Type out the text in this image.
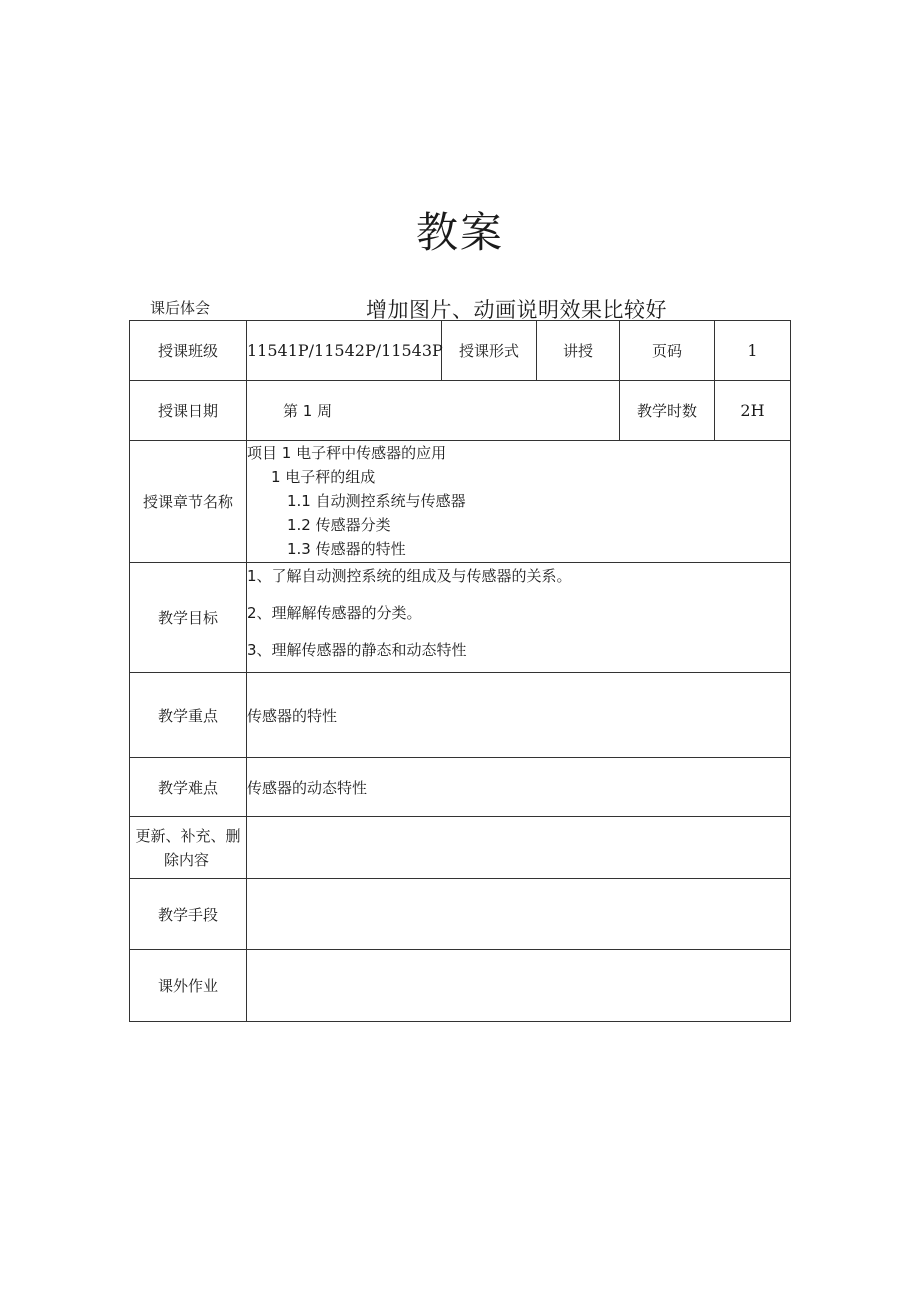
教案
课后体会	增加图片、动画说明效果比较好
授课班级	11541P/11542P/11543P	授课形式	讲授	页码	1
授课日期	第 1 周			教学时数	2H
授课章节名称	项目 1 电子秤中传感器的应用
1 电子秤的组成
1.1 自动测控系统与传感器
1.2 传感器分类
1.3 传感器的特性				

教学目标	1、了解自动测控系统的组成及与传感器的关系。
2、理解解传感器的分类。
3、理解传感器的静态和动态特性				

教学重点	传感器的特性				
教学难点	传感器的动态特性				

更新、补充、删
除内容					

教学手段					
课外作业					
